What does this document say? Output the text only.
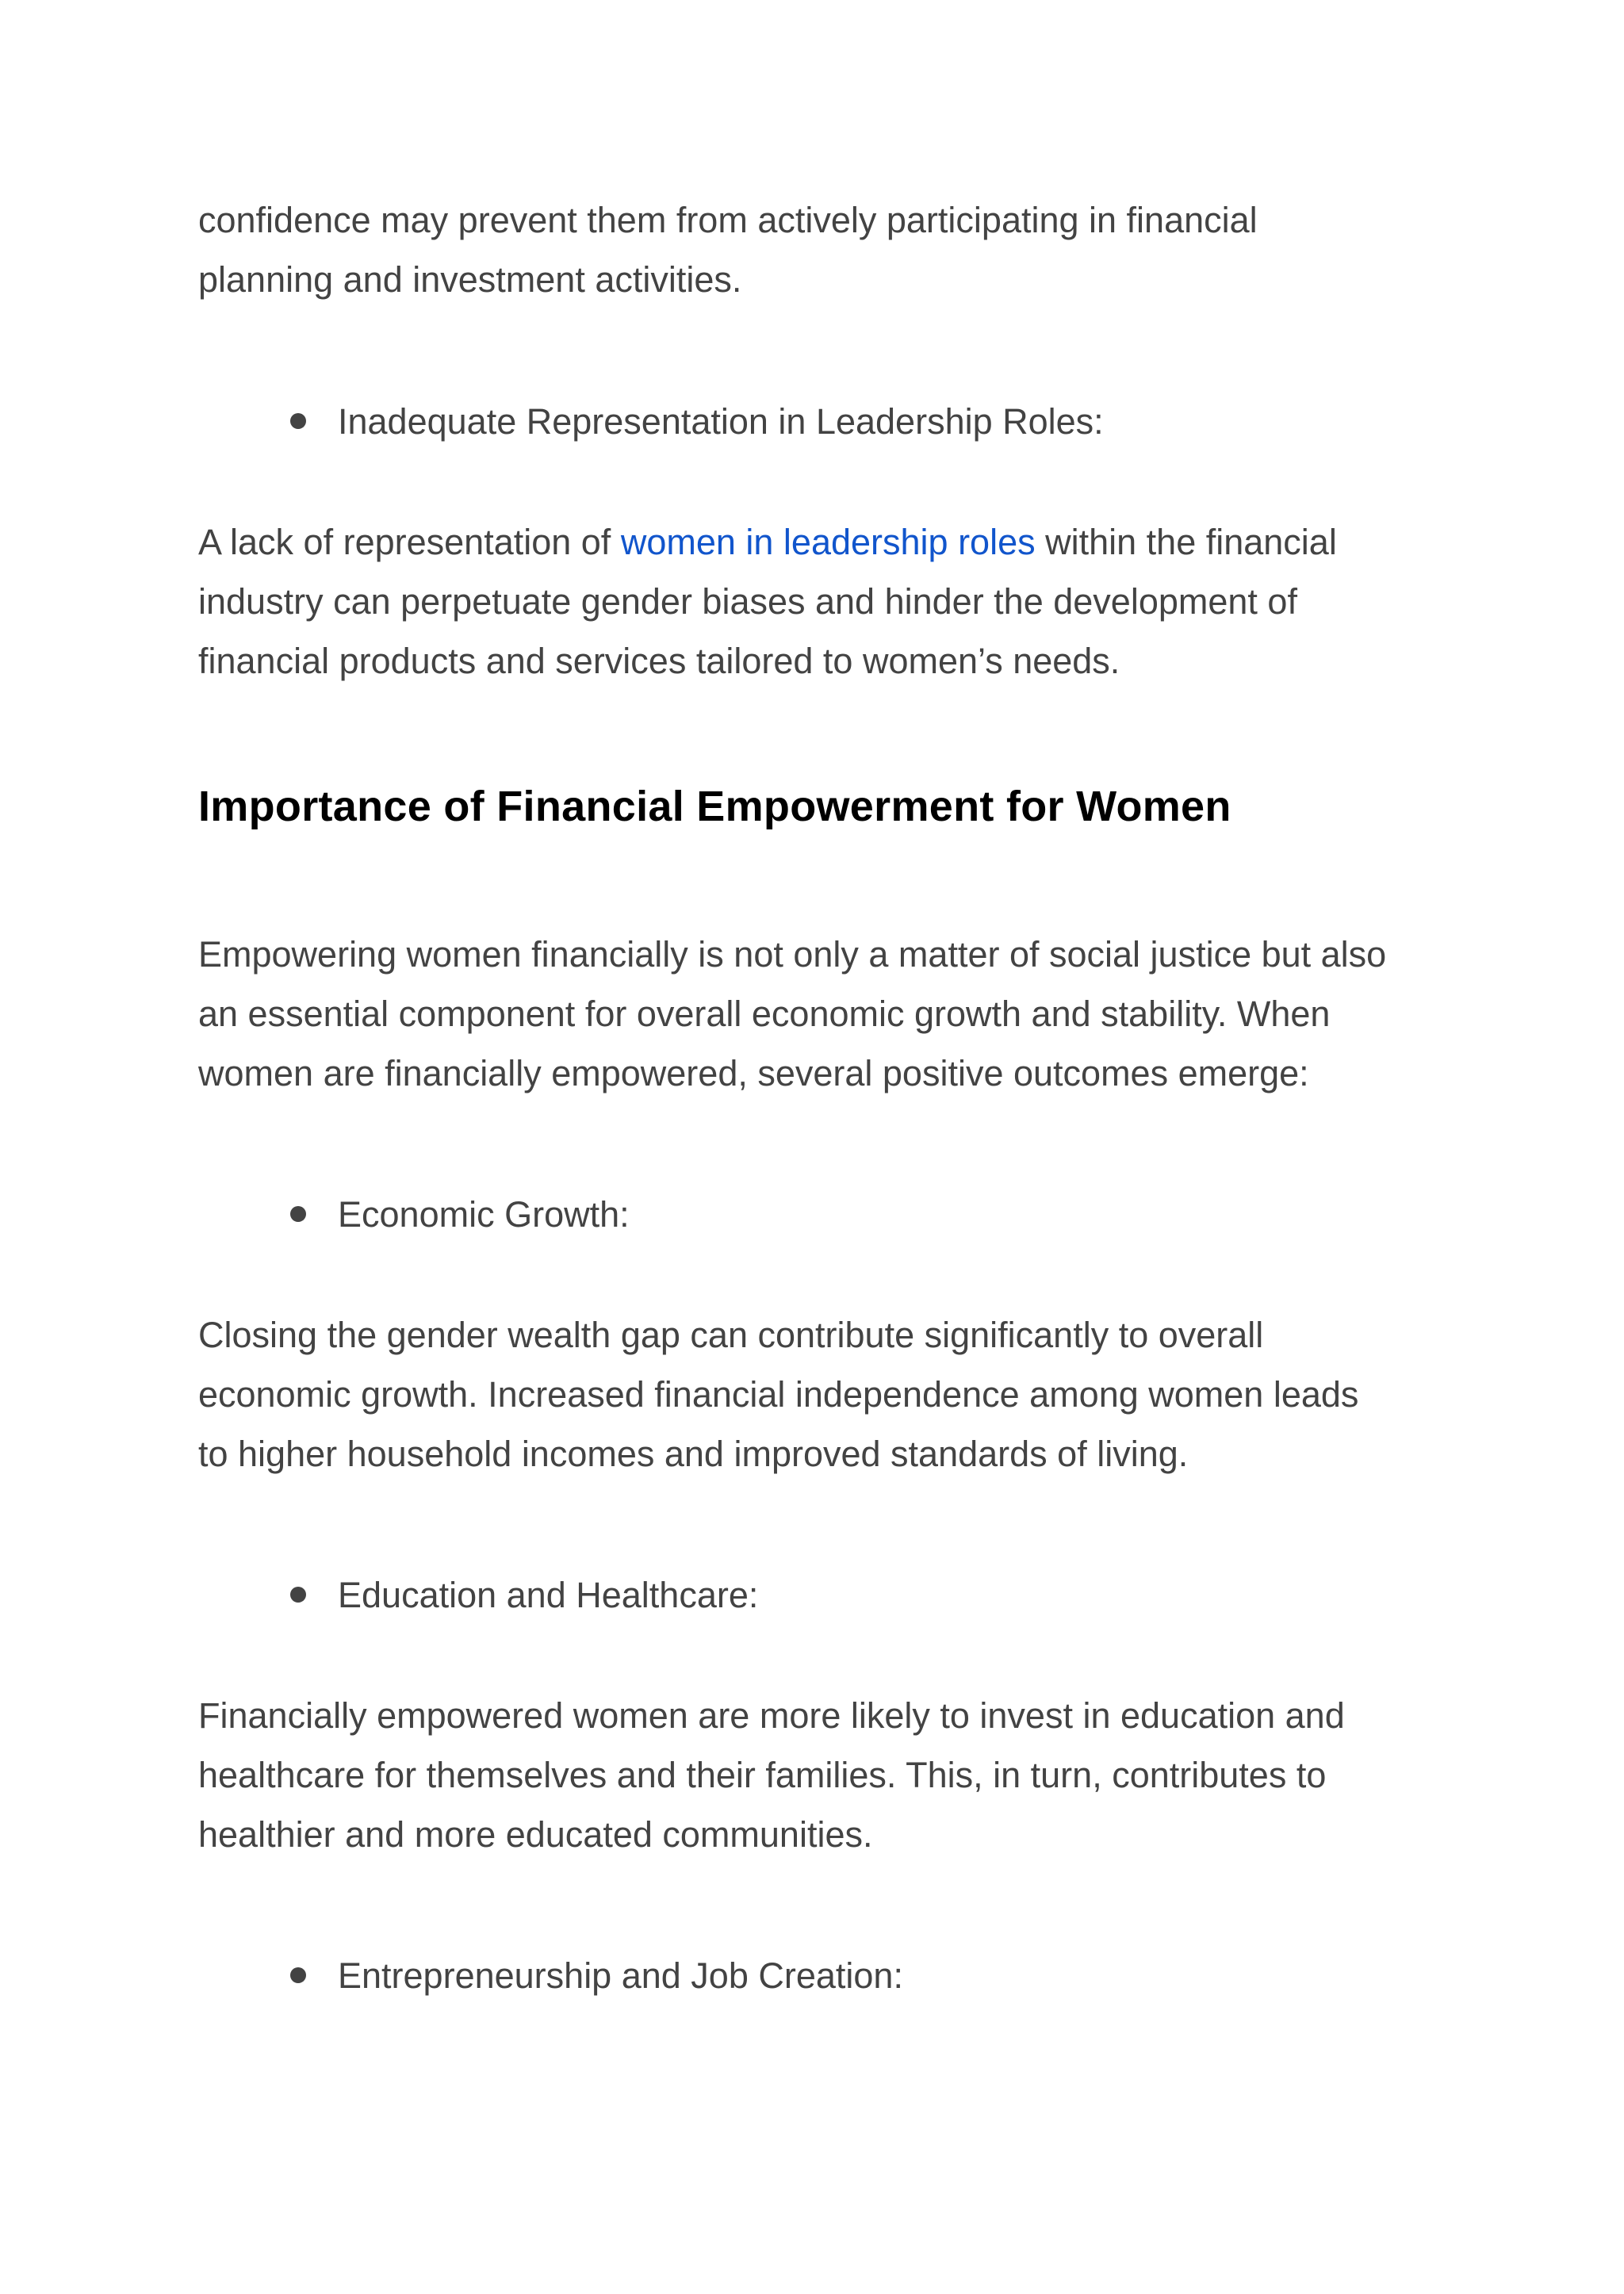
confidence may prevent them from actively participating in financial
planning and investment activities.

Inadequate Representation in Leadership Roles:

A lack of representation of women in leadership roles within the financial
industry can perpetuate gender biases and hinder the development of
financial products and services tailored to women’s needs.

Importance of Financial Empowerment for Women

Empowering women financially is not only a matter of social justice but also
an essential component for overall economic growth and stability. When
women are financially empowered, several positive outcomes emerge:

Economic Growth:

Closing the gender wealth gap can contribute significantly to overall
economic growth. Increased financial independence among women leads
to higher household incomes and improved standards of living.

Education and Healthcare:

Financially empowered women are more likely to invest in education and
healthcare for themselves and their families. This, in turn, contributes to
healthier and more educated communities.

Entrepreneurship and Job Creation:
